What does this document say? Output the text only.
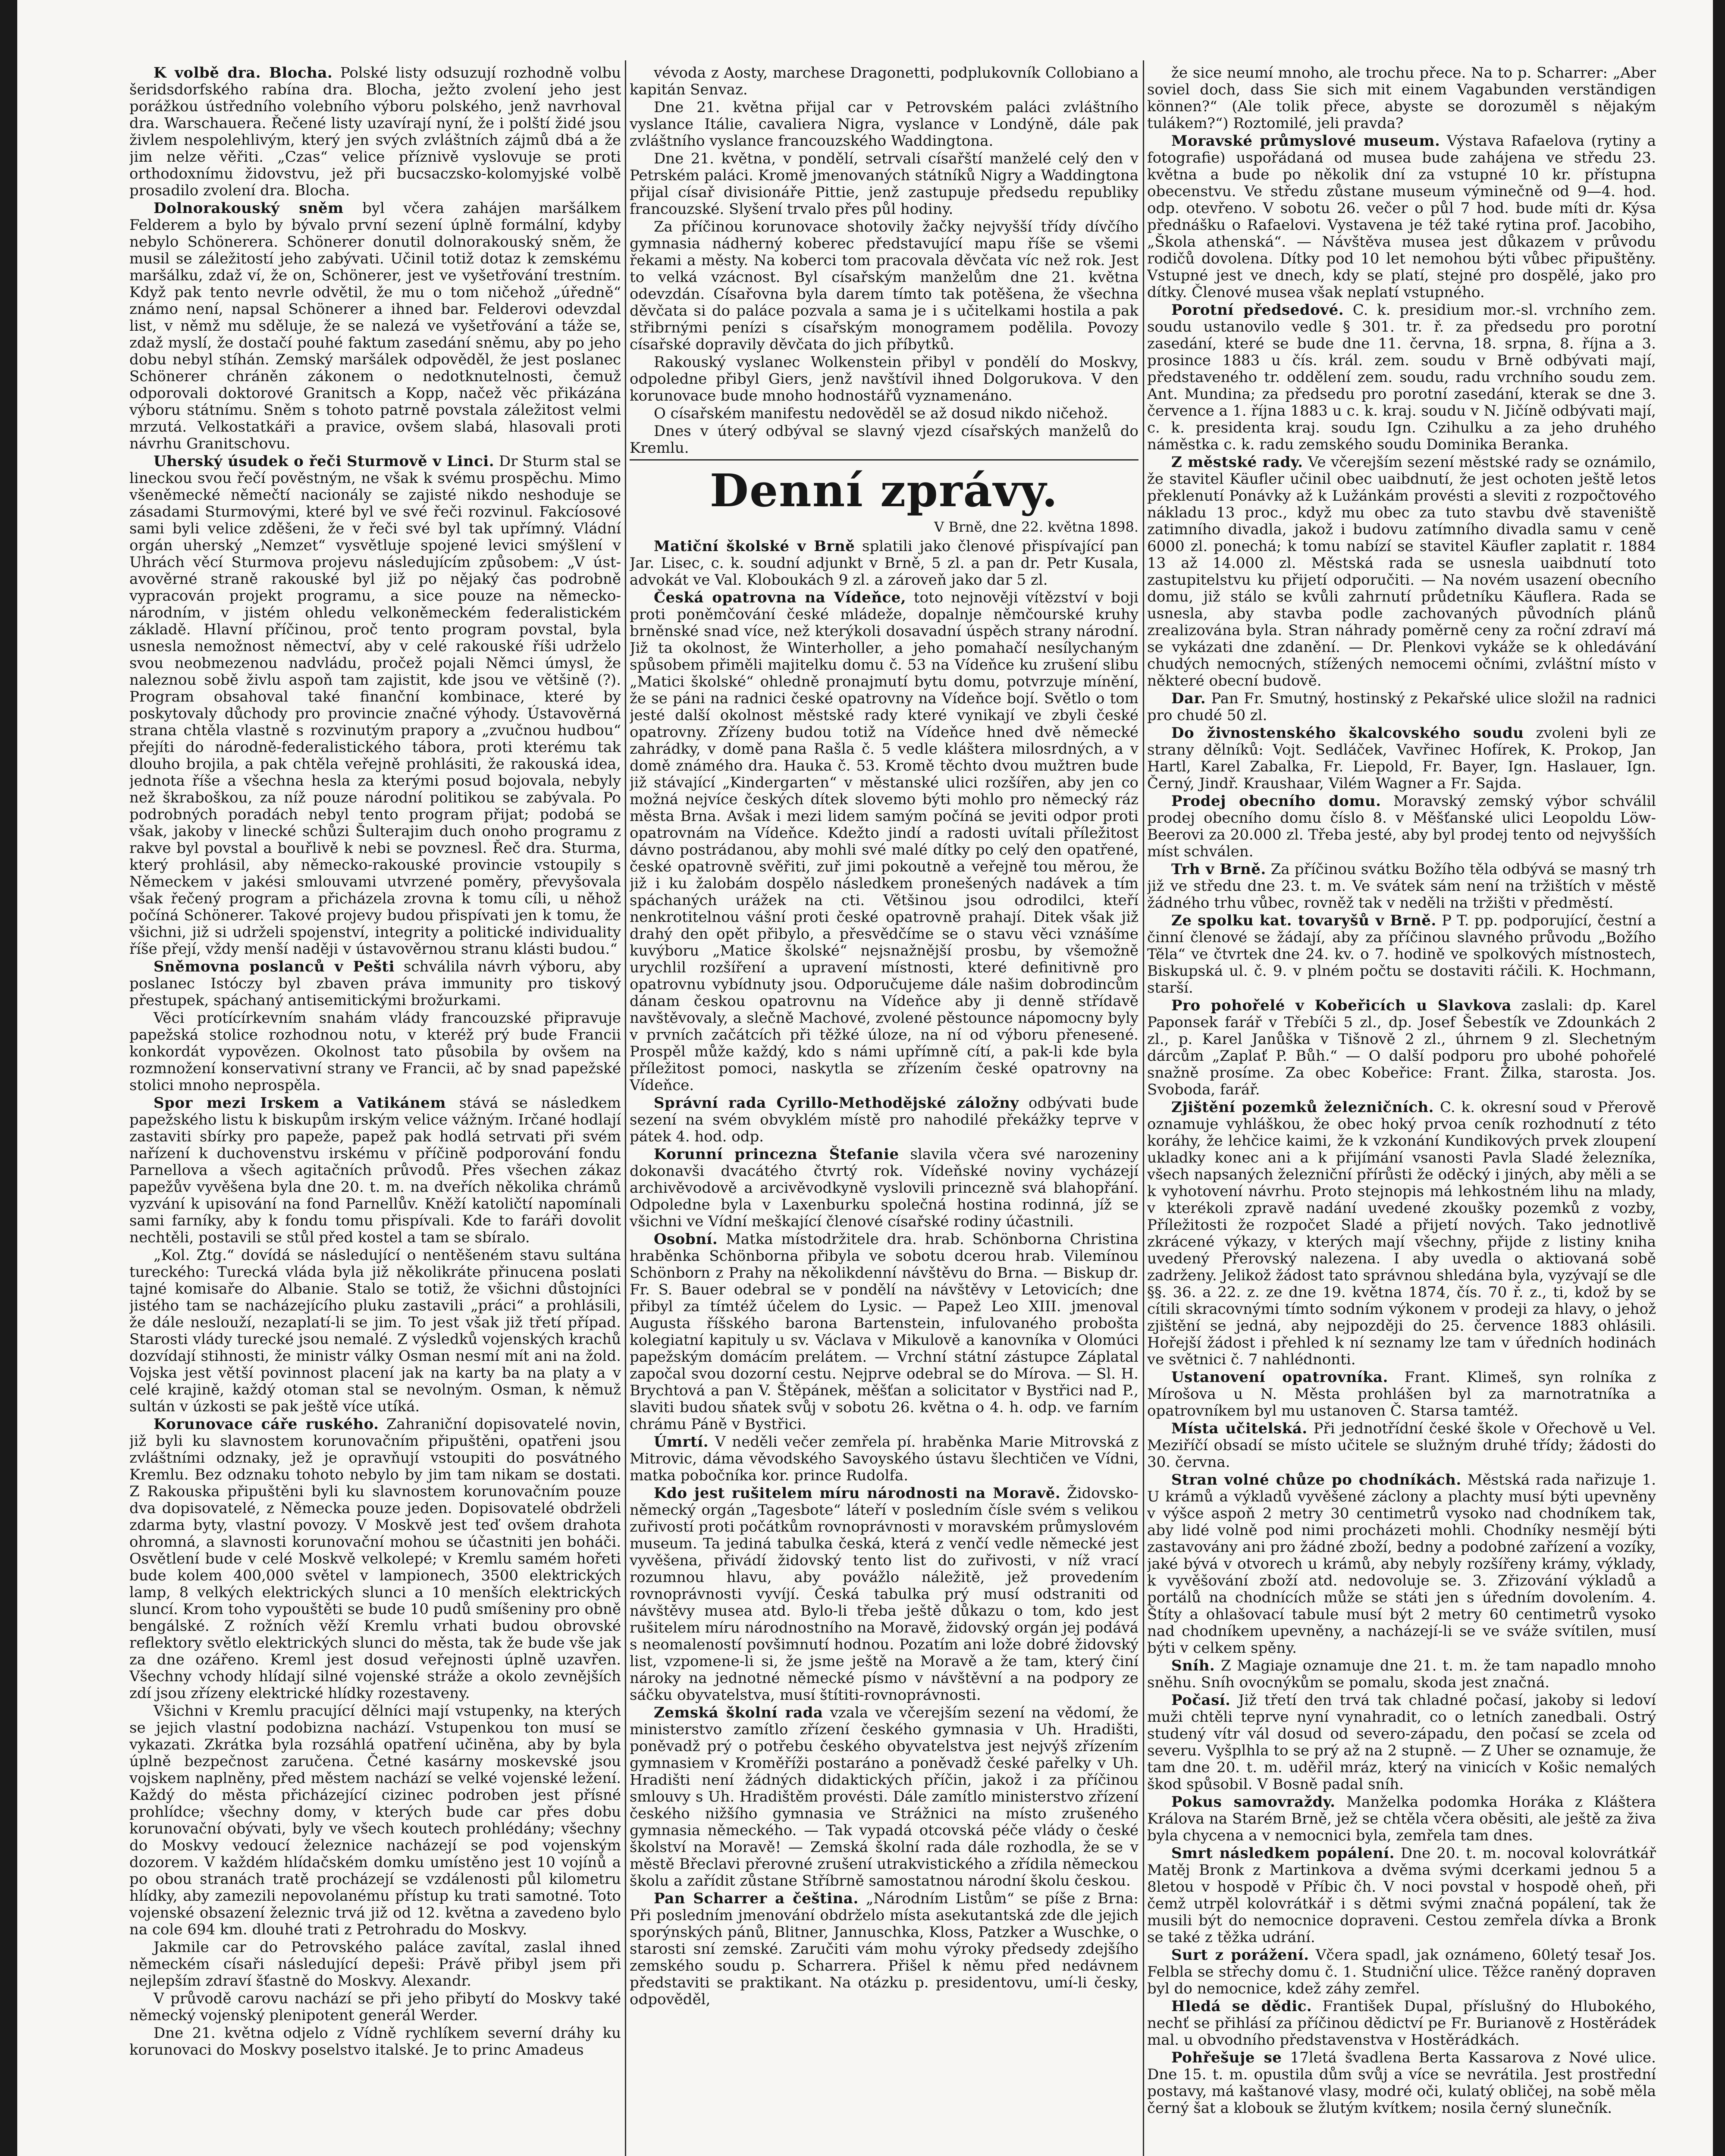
K volbě dra. Blocha. Polské listy odsuzují rozhodně volbu šeridsdorfského rabína dra. Blocha, ježto zvolení jeho jest porážkou ústředního volebního výboru polského, jenž navrhoval dra. Warschauera. Řečené listy uzavírají nyní, že i polští židé jsou živlem nespolehlivým, který jen svých zvláštních zájmů dbá a že jim nelze věřiti. „Czas“ velice příznivě vyslovuje se proti orthodoxnímu židovstvu, jež při bucsaczsko-kolomyjské volbě prosadilo zvolení dra. Blocha.

Dolnorakouský sněm byl včera zahájen maršálkem Felderem a bylo by bývalo první sezení úplně formální, kdyby nebylo Schönerera. Schönerer donutil dolnorakouský sněm, že musil se záležitostí jeho zabývati. Učinil totiž dotaz k zemskému maršálku, zdaž ví, že on, Schönerer, jest ve vyšetřování trestním. Když pak tento nevrle odvětil, že mu o tom ničehož „úředně“ známo není, napsal Schönerer a ihned bar. Felderovi odevzdal list, v němž mu sděluje, že se nalezá ve vyšetřování a táže se, zdaž myslí, že dostačí pouhé faktum zasedání sněmu, aby po jeho dobu nebyl stíhán. Zemský maršálek odpověděl, že jest poslanec Schönerer chráněn zákonem o nedotknutelnosti, čemuž odporovali doktorové Granitsch a Kopp, načež věc přikázána výboru státnímu. Sněm s tohoto patrně povstala záležitost velmi mrzutá. Velkostatkáři a pravice, ovšem slabá, hlasovali proti návrhu Granitschovu.

Uherský úsudek o řeči Sturmově v Linci. Dr Sturm stal se lineckou svou řečí pověstným, ne však k svému prospěchu. Mimo všeněmecké němečtí nacionály se zajisté nikdo neshoduje se zásadami Sturmovými, které byl ve své řeči rozvinul. Fakcíosové sami byli velice zděšeni, že v řeči své byl tak upřímný. Vládní orgán uherský „Nemzet“ vysvětluje spojené levici smýšlení v Uhrách věcí Sturmova projevu následujícím způsobem: „V ústavověrné straně rakouské byl již po nějaký čas podrobně vypracován projekt programu, a sice pouze na německo-národním, v jistém ohledu velkoněmeckém federalistickém základě. Hlavní příčinou, proč tento program povstal, byla usnesla nemožnost němectví, aby v celé rakouské říši udrželo svou neobmezenou nadvládu, pročež pojali Němci úmysl, že naleznou sobě živlu aspoň tam zajistit, kde jsou ve většině (?). Program obsahoval také finanční kombinace, které by poskytovaly důchody pro provincie značné výhody. Ústavověrná strana chtěla vlastně s rozvinutým prapory a „zvučnou hudbou“ přejíti do národně-federalistického tábora, proti kterému tak dlouho brojila, a pak chtěla veřejně prohlásiti, že rakouská idea, jednota říše a všechna hesla za kterými posud bojovala, nebyly než škraboškou, za níž pouze národní politikou se zabývala. Po podrobných poradách nebyl tento program přijat; podobá se však, jakoby v linecké schůzi Šulterajim duch onoho programu z rakve byl povstal a bouřlivě k nebi se povznesl. Řeč dra. Sturma, který prohlásil, aby německo-rakouské provincie vstoupily s Německem v jakési smlouvami utvrzené poměry, převyšovala však řečený program a přicházela zrovna k tomu cíli, u něhož počíná Schönerer. Takové projevy budou přispívati jen k tomu, že všichni, již si udrželi spojenství, integrity a politické individuality říše přejí, vždy menší naději v ústavověrnou stranu klásti budou.“

Sněmovna poslanců v Pešti schválila návrh výboru, aby poslanec Istóczy byl zbaven práva immunity pro tiskový přestupek, spáchaný antisemitickými brožurkami.

Věci protícírkevním snahám vlády francouzské připravuje papežská stolice rozhodnou notu, v kteréž prý bude Francii konkordát vypovězen. Okolnost tato působila by ovšem na rozmnožení konservativní strany ve Francii, ač by snad papežské stolici mnoho neprospěla.

Spor mezi Irskem a Vatikánem stává se následkem papežského listu k biskupům irským velice vážným. Irčané hodlají zastaviti sbírky pro papeže, papež pak hodlá setrvati při svém nařízení k duchovenstvu irskému v příčině podporování fondu Parnellova a všech agitačních průvodů. Přes všechen zákaz papežův vyvěšena byla dne 20. t. m. na dveřích několika chrámů vyzvání k upisování na fond Parnellův. Kněží katoličtí napomínali sami farníky, aby k fondu tomu přispívali. Kde to faráři dovolit nechtěli, postavili se stůl před kostel a tam se sbíralo.

„Kol. Ztg.“ dovídá se následující o nentěšeném stavu sultána tureckého: Turecká vláda byla již několikráte přinucena poslati tajné komisaře do Albanie. Stalo se totiž, že všichni důstojníci jistého tam se nacházejícího pluku zastavili „práci“ a prohlásili, že dále neslouží, nezaplatí-li se jim. To jest však již třetí případ. Starosti vlády turecké jsou nemalé. Z výsledků vojenských krachů dozvídají stihnosti, že ministr války Osman nesmí mít ani na žold. Vojska jest větší povinnost placení jak na karty ba na platy a v celé krajině, každý otoman stal se nevolným. Osman, k němuž sultán v úzkosti se pak ještě více utíká.

Korunovace cáře ruského. Zahraniční dopisovatelé novin, již byli ku slavnostem korunovačním připuštěni, opatřeni jsou zvláštními odznaky, jež je opravňují vstoupiti do posvátného Kremlu. Bez odznaku tohoto nebylo by jim tam nikam se dostati. Z Rakouska připuštěni byli ku slavnostem korunovačním pouze dva dopisovatelé, z Německa pouze jeden. Dopisovatelé obdrželi zdarma byty, vlastní povozy. V Moskvě jest teď ovšem drahota ohromná, a slavnosti korunovační mohou se účastniti jen boháči. Osvětlení bude v celé Moskvě velkolepé; v Kremlu samém hořeti bude kolem 400,000 světel v lampionech, 3500 elektrických lamp, 8 velkých elektrických slunci a 10 menších elektrických sluncí. Krom toho vypouštěti se bude 10 pudů smíšeniny pro obně bengálské. Z rožních věží Kremlu vrhati budou obrovské reflektory světlo elektrických slunci do města, tak že bude vše jak za dne ozářeno. Kreml jest dosud veřejnosti úplně uzavřen. Všechny vchody hlídají silné vojenské stráže a okolo zevnějších zdí jsou zřízeny elektrické hlídky rozestaveny.

Všichni v Kremlu pracující dělníci mají vstupenky, na kterých se jejich vlastní podobizna nachází. Vstupenkou ton musí se vykazati. Zkrátka byla rozsáhlá opatření učiněna, aby by byla úplně bezpečnost zaručena. Četné kasárny moskevské jsou vojskem naplněny, před městem nachází se velké vojenské ležení. Každý do města přicházející cizinec podroben jest přísné prohlídce; všechny domy, v kterých bude car přes dobu korunovační obývati, byly ve všech koutech prohlédány; všechny do Moskvy vedoucí železnice nacházejí se pod vojenským dozorem. V každém hlídačském domku umístěno jest 10 vojínů a po obou stranách tratě procházejí se vzdálenosti půl kilometru hlídky, aby zamezili nepovolanému přístup ku trati samotné. Toto vojenské obsazení železnic trvá již od 12. května a zavedeno bylo na cole 694 km. dlouhé trati z Petrohradu do Moskvy.

Jakmile car do Petrovského paláce zavítal, zaslal ihned německém císaři následující depeši: Právě přibyl jsem při nejlepším zdraví šťastně do Moskvy. Alexandr.

V průvodě carovu nachází se při jeho přibytí do Moskvy také německý vojenský plenipotent generál Werder.

Dne 21. května odjelo z Vídně rychlíkem severní dráhy ku korunovaci do Moskvy poselstvo italské. Je to princ Amadeus

vévoda z Aosty, marchese Dragonetti, podplukovník Collobiano a kapitán Senvaz.

Dne 21. května přijal car v Petrovském paláci zvláštního vyslance Itálie, cavaliera Nigra, vyslance v Londýně, dále pak zvláštního vyslance francouzského Waddingtona.

Dne 21. května, v pondělí, setrvali císařští manželé celý den v Petrském paláci. Kromě jmenovaných státníků Nigry a Waddingtona přijal císař divisionáře Pittie, jenž zastupuje předsedu republiky francouzské. Slyšení trvalo přes půl hodiny.

Za příčinou korunovace shotovily žačky nejvyšší třídy dívčího gymnasia nádherný koberec představující mapu říše se všemi řekami a městy. Na koberci tom pracovala děvčata víc než rok. Jest to velká vzácnost. Byl císařským manželům dne 21. května odevzdán. Císařovna byla darem tímto tak potěšena, že všechna děvčata si do paláce pozvala a sama je i s učitelkami hostila a pak střibrnými penízi s císařským monogramem podělila. Povozy císařské dopravily děvčata do jich příbytků.

Rakouský vyslanec Wolkenstein přibyl v pondělí do Moskvy, odpoledne přibyl Giers, jenž navštívil ihned Dolgorukova. V den korunovace bude mnoho hodnostářů vyznamenáno.

O císařském manifestu nedověděl se až dosud nikdo ničehož.

Dnes v úterý odbýval se slavný vjezd císařských manželů do Kremlu.

Denní zprávy.
V Brně, dne 22. května 1898.

Matiční školské v Brně splatili jako členové přispívající pan Jar. Lisec, c. k. soudní adjunkt v Brně, 5 zl. a pan dr. Petr Kusala, advokát ve Val. Kloboukách 9 zl. a zároveň jako dar 5 zl.

Česká opatrovna na Vídeňce, toto nejnověji vítězství v boji proti poněmčování české mládeže, dopalnje němčourské kruhy brněnské snad více, než kterýkoli dosavadní úspěch strany národní. Již ta okolnost, že Winterholler, a jeho pomahačí nesílychaným spůsobem přiměli majitelku domu č. 53 na Vídeňce ku zrušení slibu „Matici školské“ ohledně pronajmutí bytu domu, potvrzuje mínění, že se páni na radnici české opatrovny na Vídeňce bojí. Světlo o tom jesté další okolnost městské rady které vynikají ve zbyli české opatrovny. Zřízeny budou totiž na Vídeňce hned dvě německé zahrádky, v domě pana Rašla č. 5 vedle kláštera milosrdných, a v domě známého dra. Hauka č. 53. Kromě těchto dvou mužtren bude již stávající „Kindergarten“ v městanské ulici rozšířen, aby jen co možná nejvíce českých dítek slovemo býti mohlo pro německý ráz města Brna. Avšak i mezi lidem samým počíná se jeviti odpor proti opatrovnám na Vídeňce. Kdežto jindí a radosti uvítali příležitost dávno postrádanou, aby mohli své malé dítky po celý den opatřené, české opatrovně svěřiti, zuř jimi pokoutně a veřejně tou měrou, že již i ku žalobám dospělo následkem pronešených nadávek a tím spáchaných urážek na cti. Většinou jsou odrodilci, kteří nenkrotitelnou vášní proti české opatrovně prahají. Ditek však již drahý den opět přibylo, a přesvědčíme se o stavu věci vznášíme kuvýboru „Matice školské“ nejsnažnější prosbu, by všemožně urychlil rozšíření a upravení místnosti, které definitivně pro opatrovnu vybídnuty jsou. Odporučujeme dále našim dobrodincům dánam českou opatrovnu na Vídeňce aby ji denně střídavě navštěvovaly, a slečně Machové, zvolené pěstounce nápomocny byly v prvních začátcích při těžké úloze, na ní od výboru přenesené. Prospěl může každý, kdo s námi upřímně cítí, a pak-li kde byla příležitost pomoci, naskytla se zřízením české opatrovny na Vídeňce.

Správní rada Cyrillo-Methodějské záložny odbývati bude sezení na svém obvyklém místě pro nahodilé překážky teprve v pátek 4. hod. odp.

Korunní princezna Štefanie slavila včera své narozeniny dokonavši dvacátého čtvrtý rok. Vídeňské noviny vycházejí archivěvodově a arcivěvodkyně vyslovili princezně svá blahopřání. Odpoledne byla v Laxenburku společná hostina rodinná, jíž se všichni ve Vídní meškající členové císařské rodiny účastnili.

Osobní. Matka místodržitele dra. hrab. Schönborna Christina hraběnka Schönborna přibyla ve sobotu dcerou hrab. Vilemínou Schönborn z Prahy na několikdenní návštěvu do Brna. — Biskup dr. Fr. S. Bauer odebral se v pondělí na návštěvy v Letovicích; dne přibyl za tímtéž účelem do Lysic. — Papež Leo XIII. jmenoval Augusta říšského barona Bartenstein, infulovaného probošta kolegiatní kapituly u sv. Václava v Mikulově a kanovníka v Olomúci papežským domácím prelátem. — Vrchní státní zástupce Záplatal započal svou dozorní cestu. Nejprve odebral se do Mírova. — Sl. H. Brychtová a pan V. Štěpánek, měšťan a solicitator v Bystřici nad P., slaviti budou sňatek svůj v sobotu 26. května o 4. h. odp. ve farním chrámu Páně v Bystřici.

Úmrtí. V neděli večer zemřela pí. hraběnka Marie Mitrovská z Mitrovic, dáma věvodského Savoyského ústavu šlechtičen ve Vídni, matka pobočníka kor. prince Rudolfa.

Kdo jest rušitelem míru národnosti na Moravě. Židovsko-německý orgán „Tagesbote“ láteří v posledním čísle svém s velikou zuřivostí proti počátkům rovnoprávnosti v moravském průmyslovém museum. Ta jediná tabulka česká, která z venčí vedle německé jest vyvěšena, přivádí židovský tento list do zuřivosti, v níž vrací rozumnou hlavu, aby povážlo náležitě, jež provedením rovnoprávnosti vyvíjí. Česká tabulka prý musí odstraniti od návštěvy musea atd. Bylo-li třeba ještě důkazu o tom, kdo jest rušitelem míru národnostního na Moravě, židovský orgán jej podává s neomaleností povšimnutí hodnou. Pozatím ani lože dobré židovský list, vzpomene-li si, že jsme ještě na Moravě a že tam, který činí nároky na jednotné německé písmo v návštěvní a na podpory ze sáčku obyvatelstva, musí štítiti-rovnoprávnosti.

Zemská školní rada vzala ve včerejším sezení na vědomí, že ministerstvo zamítlo zřízení českého gymnasia v Uh. Hradišti, poněvadž prý o potřebu českého obyvatelstva jest nejvýš zřízením gymnasiem v Kroměříži postaráno a poněvadž české pařelky v Uh. Hradišti není žádných didaktických příčin, jakož i za příčinou smlouvy s Uh. Hradištěm provésti. Dále zamítlo ministerstvo zřízení českého nižšího gymnasia ve Strážnici na místo zrušeného gymnasia německého. — Tak vypadá otcovská péče vlády o české školství na Moravě! — Zemská školní rada dále rozhodla, že se v městě Břeclavi přerovné zrušení utrakvistického a zřídila německou školu a zařídit zůstane Stříbrně samostatnou národní školu českou.

Pan Scharrer a čeština. „Národním Listům“ se píše z Brna: Při posledním jmenování obdrželo místa asekutantská zde dle jejich sporýnských pánů, Blitner, Jannuschka, Kloss, Patzker a Wuschke, o starosti sní zemské. Zaručiti vám mohu výroky předsedy zdejšího zemského soudu p. Scharrera. Přišel k němu před nedávnem představiti se praktikant. Na otázku p. presidentovu, umí-li česky, odpověděl,

že sice neumí mnoho, ale trochu přece. Na to p. Scharrer: „Aber soviel doch, dass Sie sich mit einem Vagabunden verständigen können?“ (Ale tolik přece, abyste se dorozuměl s nějakým tulákem?“) Roztomilé, jeli pravda?

Moravské průmyslové museum. Výstava Rafaelova (rytiny a fotografie) uspořádaná od musea bude zahájena ve středu 23. května a bude po několik dní za vstupné 10 kr. přístupna obecenstvu. Ve středu zůstane museum výminečně od 9—4. hod. odp. otevřeno. V sobotu 26. večer o půl 7 hod. bude míti dr. Kýsa přednášku o Rafaelovi. Vystavena je též také rytina prof. Jacobiho, „Škola athenská“. — Návštěva musea jest důkazem v průvodu rodičů dovolena. Dítky pod 10 let nemohou býti vůbec připuštěny. Vstupné jest ve dnech, kdy se platí, stejné pro dospělé, jako pro dítky. Členové musea však neplatí vstupného.

Porotní předsedové. C. k. presidium mor.-sl. vrchního zem. soudu ustanovilo vedle § 301. tr. ř. za předsedu pro porotní zasedání, které se bude dne 11. června, 18. srpna, 8. října a 3. prosince 1883 u čís. král. zem. soudu v Brně odbývati mají, představeného tr. oddělení zem. soudu, radu vrchního soudu zem. Ant. Mundina; za předsedu pro porotní zasedání, kterak se dne 3. července a 1. října 1883 u c. k. kraj. soudu v N. Jičíně odbývati mají, c. k. presidenta kraj. soudu Ign. Czihulku a za jeho druhého náměstka c. k. radu zemského soudu Dominika Beranka.

Z městské rady. Ve včerejším sezení městské rady se oznámilo, že stavitel Käufler učinil obec uaibdnutí, že jest ochoten ještě letos překlenutí Ponávky až k Lužánkám provésti a sleviti z rozpočtového nákladu 13 proc., když mu obec za tuto stavbu dvě staveniště zatimního divadla, jakož i budovu zatímního divadla samu v ceně 6000 zl. ponechá; k tomu nabízí se stavitel Käufler zaplatit r. 1884 13 až 14.000 zl. Městská rada se usnesla uaibdnutí toto zastupitelstvu ku přijetí odporučiti. — Na novém usazení obecního domu, již stálo se kvůli zahrnutí průdetníku Käuflera. Rada se usnesla, aby stavba podle zachovaných původních plánů zrealizována byla. Stran náhrady poměrně ceny za roční zdraví má se vykázati dne zdanění. — Dr. Plenkovi vykáže se k ohledávání chudých nemocných, stížených nemocemi očními, zvláštní místo v některé obecní budově.

Dar. Pan Fr. Smutný, hostinský z Pekařské ulice složil na radnici pro chudé 50 zl.

Do živnostenského škalcovského soudu zvoleni byli ze strany dělníků: Vojt. Sedláček, Vavřinec Hofírek, K. Prokop, Jan Hartl, Karel Zabalka, Fr. Liepold, Fr. Bayer, Ign. Haslauer, Ign. Černý, Jindř. Kraushaar, Vilém Wagner a Fr. Sajda.

Prodej obecního domu. Moravský zemský výbor schválil prodej obecního domu číslo 8. v Měšťanské ulici Leopoldu Löw-Beerovi za 20.000 zl. Třeba jesté, aby byl prodej tento od nejvyšších míst schválen.

Trh v Brně. Za příčinou svátku Božího těla odbývá se masný trh již ve středu dne 23. t. m. Ve svátek sám není na tržištích v městě žádného trhu vůbec, rovněž tak v neděli na tržišti v předměstí.

Ze spolku kat. tovaryšů v Brně. P T. pp. podporující, čestní a činní členové se žádají, aby za příčinou slavného průvodu „Božího Těla“ ve čtvrtek dne 24. kv. o 7. hodině ve spolkových místnostech, Biskupská ul. č. 9. v plném počtu se dostaviti ráčili. K. Hochmann, starší.

Pro pohořelé v Kobeřicích u Slavkova zaslali: dp. Karel Paponsek farář v Třebíči 5 zl., dp. Josef Šebestík ve Zdounkách 2 zl., p. Karel Janůška v Tišnově 2 zl., úhrnem 9 zl. Slechetným dárcům „Zaplať P. Bůh.“ — O další podporu pro ubohé pohořelé snažně prosíme. Za obec Kobeřice: Frant. Žilka, starosta. Jos. Svoboda, farář.

Zjištění pozemků železničních. C. k. okresní soud v Přerově oznamuje vyhláškou, že obec hoký prvoa ceník rozhodnutí z této koráhy, že lehčice kaimi, že k vzkonání Kundikových prvek zloupení ukladky konec ani a k přijímání vsanosti Pavla Sladé železníka, všech napsaných železniční přírůsti že oděcký i jiných, aby měli a se k vyhotovení návrhu. Proto stejnopis má lehkostném lihu na mlady, v kterékoli zpravě nadání uvedené zkoušky pozemků z vozby, Příležitosti že rozpočet Sladé a přijetí nových. Tako jednotlivě zkrácené výkazy, v kterých mají všechny, přijde z listiny kniha uvedený Přerovský nalezena. I aby uvedla o aktiovaná sobě zadrženy. Jelikož žádost tato správnou shledána byla, vyzývají se dle §§. 36. a 22. z. ze dne 19. května 1874, čís. 70 ř. z., ti, kdož by se cítili skracovnými tímto sodním výkonem v prodeji za hlavy, o jehož zjištění se jedná, aby nejpozději do 25. července 1883 ohlásili. Hořejší žádost i přehled k ní seznamy lze tam v úředních hodinách ve světnici č. 7 nahlédnonti.

Ustanovení opatrovníka. Frant. Klimeš, syn rolníka z Mírošova u N. Města prohlášen byl za marnotratníka a opatrovníkem byl mu ustanoven Č. Starsa tamtéž.

Místa učitelská. Při jednotřídní české škole v Ořechově u Vel. Meziříčí obsadí se místo učitele se služným druhé třídy; žádosti do 30. června.

Stran volné chůze po chodníkách. Městská rada nařizuje 1. U krámů a výkladů vyvěšené záclony a plachty musí býti upevněny v výšce aspoň 2 metry 30 centimetrů vysoko nad chodníkem tak, aby lidé volně pod nimi procházeti mohli. Chodníky nesmějí býti zastavovány ani pro žádné zboží, bedny a podobné zařízení a vozíky, jaké bývá v otvorech u krámů, aby nebyly rozšířeny krámy, výklady, k vyvěšování zboží atd. nedovoluje se. 3. Zřizování výkladů a portálů na chodnících může se státi jen s úředním dovolením. 4. Štíty a ohlašovací tabule musí být 2 metry 60 centimetrů vysoko nad chodníkem upevněny, a nacházejí-li se ve sváže svítilen, musí býti v celkem spěny.

Sníh. Z Magiaje oznamuje dne 21. t. m. že tam napadlo mnoho sněhu. Sníh ovocnýkům se pomalu, skoda jest značná.

Počasí. Již třetí den trvá tak chladné počasí, jakoby si ledoví muži chtěli teprve nyní vynahradit, co o letních zanedbali. Ostrý studený vítr vál dosud od severo-západu, den počasí se zcela od severu. Vyšplhla to se prý až na 2 stupně. — Z Uher se oznamuje, že tam dne 20. t. m. uděřil mráz, který na vinicích v Košic nemalých škod spůsobil. V Bosně padal sníh.

Pokus samovraždy. Manželka podomka Horáka z Kláštera Králova na Starém Brně, jež se chtěla včera oběsiti, ale ještě za živa byla chycena a v nemocnici byla, zemřela tam dnes.

Smrt následkem popálení. Dne 20. t. m. nocoval kolovrátkář Matěj Bronk z Martinkova a dvěma svými dcerkami jednou 5 a 8letou v hospodě v Příbic čh. V noci povstal v hospodě oheň, při čemž utrpěl kolovrátkář i s dětmi svými značná popálení, tak že musili být do nemocnice dopraveni. Cestou zemřela dívka a Bronk se také z těžka udrání.

Surt z porážení. Včera spadl, jak oznámeno, 60letý tesař Jos. Felbla se střechy domu č. 1. Studniční ulice. Těžce raněný dopraven byl do nemocnice, kdež záhy zemřel.

Hledá se dědic. František Dupal, příslušný do Hlubokého, nechť se přihlásí za příčinou dědictví pe Fr. Burianově z Hostěrádek mal. u obvodního představenstva v Hostěrádkách.

Pohřešuje se 17letá švadlena Berta Kassarova z Nové ulice. Dne 15. t. m. opustila dům svůj a více se nevrátila. Jest prostřední postavy, má kaštanové vlasy, modré oči, kulatý obličej, na sobě měla černý šat a klobouk se žlutým kvítkem; nosila černý slunečník.
